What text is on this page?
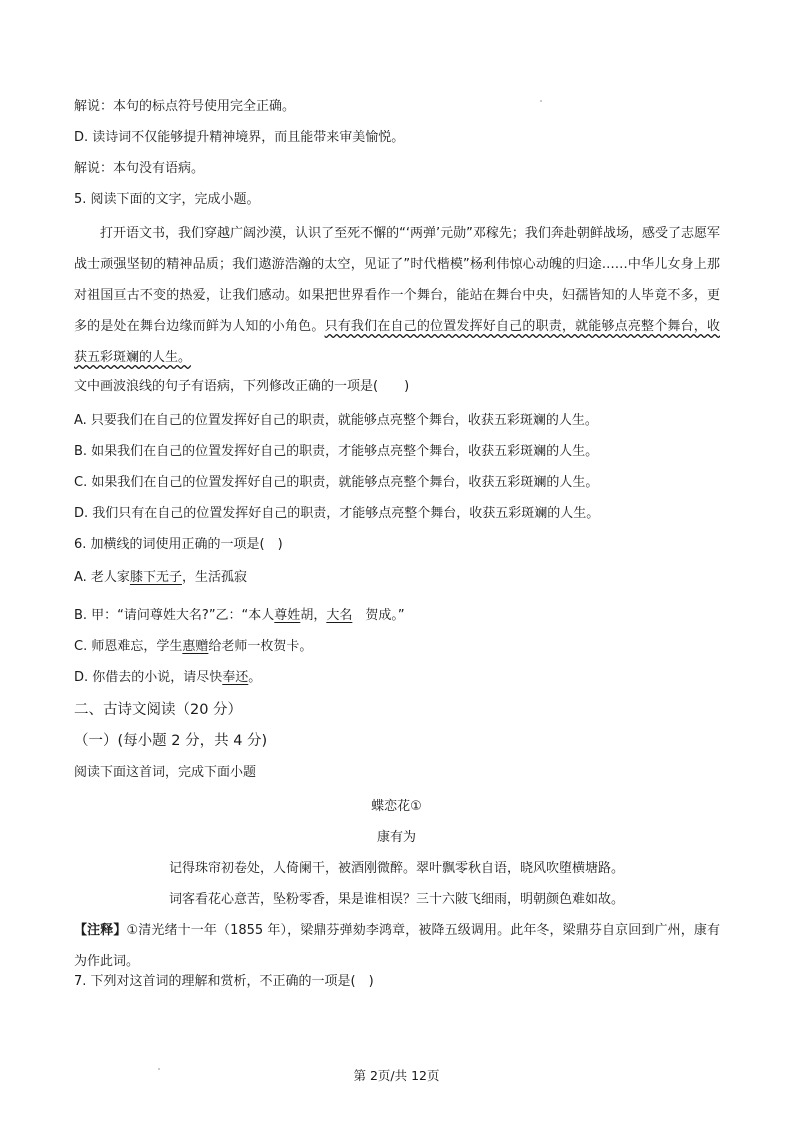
解说：本句的标点符号使用完全正确。
D. 读诗词不仅能够提升精神境界，而且能带来审美愉悦。
解说：本句没有语病。
5. 阅读下面的文字，完成小题。
打开语文书，我们穿越广阔沙漠，认识了至死不懈的“‘两弹’元勋”邓稼先；我们奔赴朝鲜战场，感受了志愿军战士顽强坚韧的精神品质；我们遨游浩瀚的太空，见证了”时代楷模”杨利伟惊心动魄的归途……中华儿女身上那对祖国亘古不变的热爱，让我们感动。如果把世界看作一个舞台，能站在舞台中央，妇孺皆知的人毕竟不多，更多的是处在舞台边缘而鲜为人知的小角色。只有我们在自己的位置发挥好自己的职责，就能够点亮整个舞台，收获五彩斑斓的人生。
文中画波浪线的句子有语病，下列修改正确的一项是(　　)
A. 只要我们在自己的位置发挥好自己的职责，就能够点亮整个舞台，收获五彩斑斓的人生。
B. 如果我们在自己的位置发挥好自己的职责，才能够点亮整个舞台，收获五彩斑斓的人生。
C. 如果我们在自己的位置发挥好自己的职责，就能够点亮整个舞台，收获五彩斑斓的人生。
D. 我们只有在自己的位置发挥好自己的职责，才能够点亮整个舞台，收获五彩斑斓的人生。
6. 加横线的词使用正确的一项是(　)
A. 老人家膝下无子，生活孤寂
B. 甲：“请问尊姓大名?”乙：“本人尊姓胡，大名　贺成。”
C. 师恩难忘，学生惠赠给老师一枚贺卡。
D. 你借去的小说，请尽快奉还。
二、古诗文阅读（20 分）
（一）(每小题 2 分，共 4 分)
阅读下面这首词，完成下面小题
蝶恋花①
康有为
记得珠帘初卷处，人倚阑干，被酒刚微醉。翠叶飘零秋自语，晓风吹堕横塘路。
词客看花心意苦，坠粉零香，果是谁相误？三十六陂飞细雨，明朝颜色难如故。
【注释】①清光绪十一年（1855 年），梁鼎芬弹劾李鸿章，被降五级调用。此年冬，梁鼎芬自京回到广州，康有为作此词。
7. 下列对这首词的理解和赏析，不正确的一项是(　)
第 2页/共 12页
